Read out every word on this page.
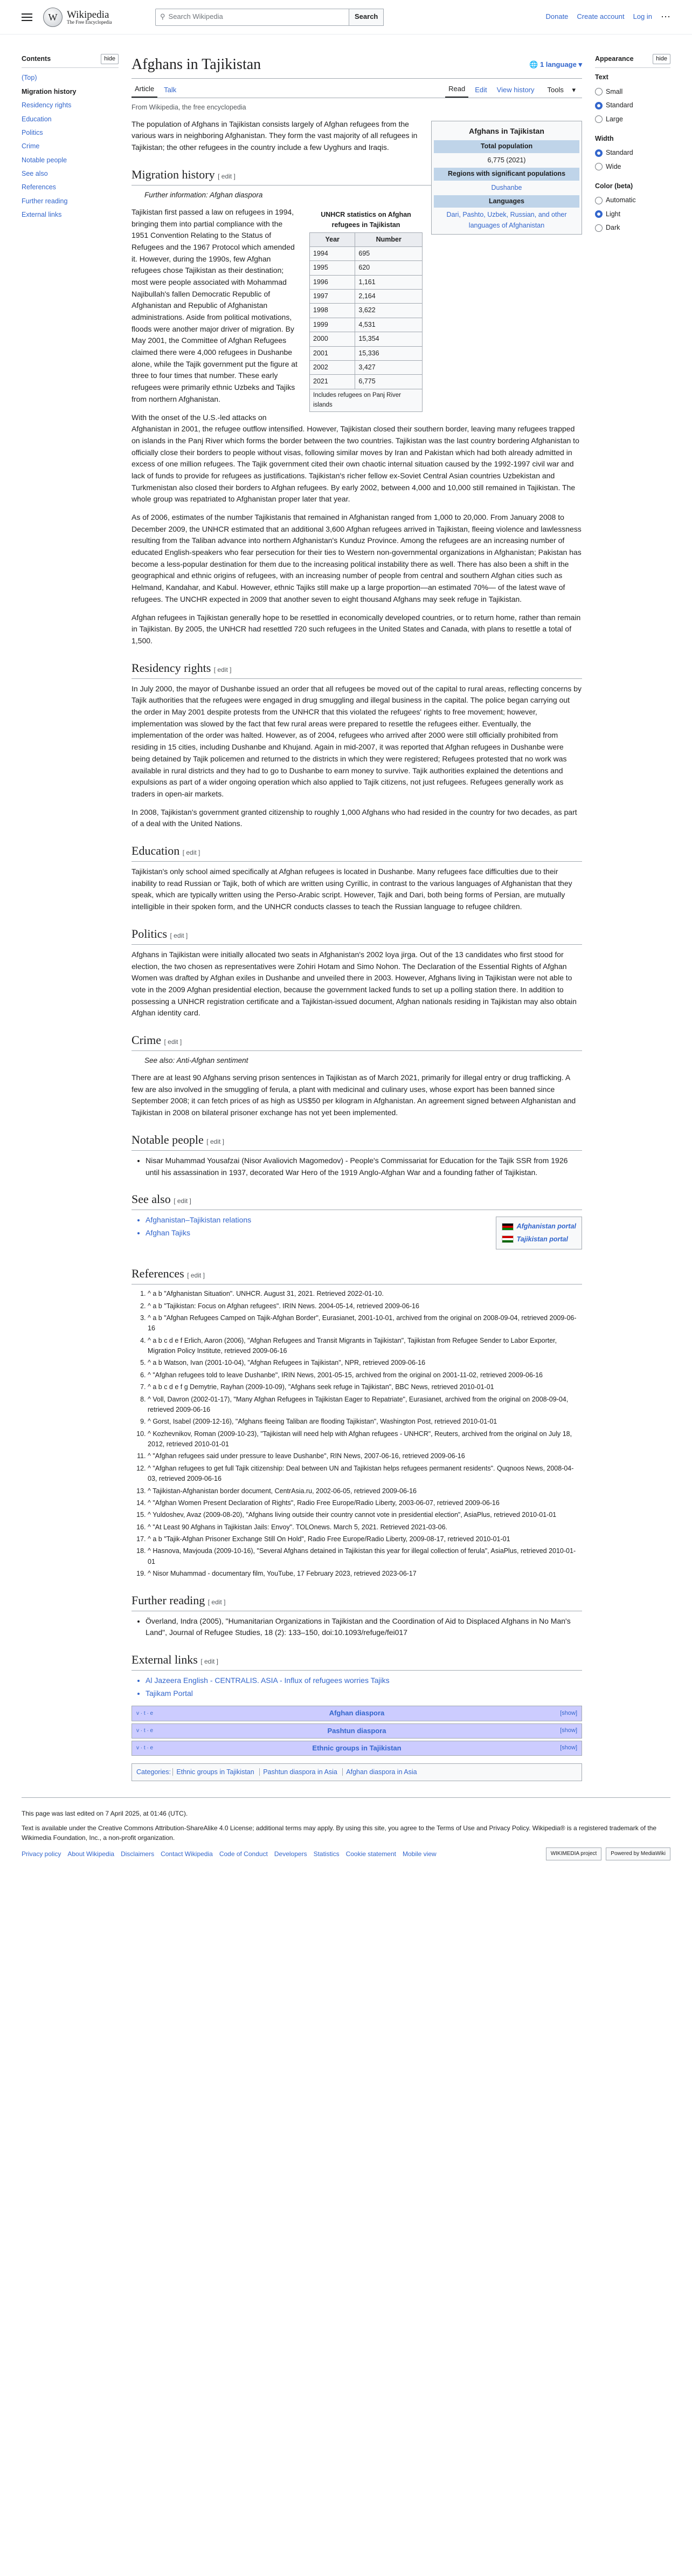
W Wikipedia
The Free Encyclopedia
⚲ Search Wikipedia	Search	Donate Create account Log in ⋯
Contents	hide
(Top)
Migration history
Residency rights
Education
Politics
Crime
Notable people
See also
References
Further reading
External links
Afghans in Tajikistan	🌐 1 language ▾
Article	Talk	Read	Edit	View history	Tools ▾
From Wikipedia, the free encyclopedia
Afghans in Tajikistan
Total population
6,775 (2021)
Regions with significant populations
Dushanbe
Languages
Dari, Pashto, Uzbek, Russian, and other languages of Afghanistan

The population of Afghans in Tajikistan consists largely of Afghan refugees from the various wars in neighboring Afghanistan. They form the vast majority of all refugees in Tajikistan; the other refugees in the country include a few Uyghurs and Iraqis.

Migration history [ edit ]
Further information: Afghan diaspora
UNHCR statistics on Afghan refugees in Tajikistan
Year	Number
1994	695
1995	620
1996	1,161
1997	2,164
1998	3,622
1999	4,531
2000	15,354
2001	15,336
2002	3,427
2021	6,775
Includes refugees on Panj River islands

Tajikistan first passed a law on refugees in 1994, bringing them into partial compliance with the 1951 Convention Relating to the Status of Refugees and the 1967 Protocol which amended it. However, during the 1990s, few Afghan refugees chose Tajikistan as their destination; most were people associated with Mohammad Najibullah's fallen Democratic Republic of Afghanistan and Republic of Afghanistan administrations. Aside from political motivations, floods were another major driver of migration. By May 2001, the Committee of Afghan Refugees claimed there were 4,000 refugees in Dushanbe alone, while the Tajik government put the figure at three to four times that number. These early refugees were primarily ethnic Uzbeks and Tajiks from northern Afghanistan.

With the onset of the U.S.-led attacks on Afghanistan in 2001, the refugee outflow intensified. However, Tajikistan closed their southern border, leaving many refugees trapped on islands in the Panj River which forms the border between the two countries. Tajikistan was the last country bordering Afghanistan to officially close their borders to people without visas, following similar moves by Iran and Pakistan which had both already admitted in excess of one million refugees. The Tajik government cited their own chaotic internal situation caused by the 1992-1997 civil war and lack of funds to provide for refugees as justifications. Tajikistan's richer fellow ex-Soviet Central Asian countries Uzbekistan and Turkmenistan also closed their borders to Afghan refugees. By early 2002, between 4,000 and 10,000 still remained in Tajikistan. The whole group was repatriated to Afghanistan proper later that year.

As of 2006, estimates of the number Tajikistanis that remained in Afghanistan ranged from 1,000 to 20,000. From January 2008 to December 2009, the UNHCR estimated that an additional 3,600 Afghan refugees arrived in Tajikistan, fleeing violence and lawlessness resulting from the Taliban advance into northern Afghanistan's Kunduz Province. Among the refugees are an increasing number of educated English-speakers who fear persecution for their ties to Western non-governmental organizations in Afghanistan; Pakistan has become a less-popular destination for them due to the increasing political instability there as well. There has also been a shift in the geographical and ethnic origins of refugees, with an increasing number of people from central and southern Afghan cities such as Helmand, Kandahar, and Kabul. However, ethnic Tajiks still make up a large proportion—an estimated 70%— of the latest wave of refugees. The UNCHR expected in 2009 that another seven to eight thousand Afghans may seek refuge in Tajikistan.

Afghan refugees in Tajikistan generally hope to be resettled in economically developed countries, or to return home, rather than remain in Tajikistan. By 2005, the UNHCR had resettled 720 such refugees in the United States and Canada, with plans to resettle a total of 1,500.

Residency rights [ edit ]

In July 2000, the mayor of Dushanbe issued an order that all refugees be moved out of the capital to rural areas, reflecting concerns by Tajik authorities that the refugees were engaged in drug smuggling and illegal business in the capital. The police began carrying out the order in May 2001 despite protests from the UNHCR that this violated the refugees' rights to free movement; however, implementation was slowed by the fact that few rural areas were prepared to resettle the refugees either. Eventually, the implementation of the order was halted. However, as of 2004, refugees who arrived after 2000 were still officially prohibited from residing in 15 cities, including Dushanbe and Khujand. Again in mid-2007, it was reported that Afghan refugees in Dushanbe were being detained by Tajik policemen and returned to the districts in which they were registered; Refugees protested that no work was available in rural districts and they had to go to Dushanbe to earn money to survive. Tajik authorities explained the detentions and expulsions as part of a wider ongoing operation which also applied to Tajik citizens, not just refugees. Refugees generally work as traders in open-air markets.

In 2008, Tajikistan's government granted citizenship to roughly 1,000 Afghans who had resided in the country for two decades, as part of a deal with the United Nations.

Education [ edit ]

Tajikistan's only school aimed specifically at Afghan refugees is located in Dushanbe. Many refugees face difficulties due to their inability to read Russian or Tajik, both of which are written using Cyrillic, in contrast to the various languages of Afghanistan that they speak, which are typically written using the Perso-Arabic script. However, Tajik and Dari, both being forms of Persian, are mutually intelligible in their spoken form, and the UNHCR conducts classes to teach the Russian language to refugee children.

Politics [ edit ]

Afghans in Tajikistan were initially allocated two seats in Afghanistan's 2002 loya jirga. Out of the 13 candidates who first stood for election, the two chosen as representatives were Zohiri Hotam and Simo Nohon. The Declaration of the Essential Rights of Afghan Women was drafted by Afghan exiles in Dushanbe and unveiled there in 2003. However, Afghans living in Tajikistan were not able to vote in the 2009 Afghan presidential election, because the government lacked funds to set up a polling station there. In addition to possessing a UNHCR registration certificate and a Tajikistan-issued document, Afghan nationals residing in Tajikistan may also obtain Afghan identity card.

Crime [ edit ]
See also: Anti-Afghan sentiment

There are at least 90 Afghans serving prison sentences in Tajikistan as of March 2021, primarily for illegal entry or drug trafficking. A few are also involved in the smuggling of ferula, a plant with medicinal and culinary uses, whose export has been banned since September 2008; it can fetch prices of as high as US$50 per kilogram in Afghanistan. An agreement signed between Afghanistan and Tajikistan in 2008 on bilateral prisoner exchange has not yet been implemented.

Notable people [ edit ]
• Nisar Muhammad Yousafzai (Nisor Avaliovich Magomedov) - People's Commissariat for Education for the Tajik SSR from 1926 until his assassination in 1937, decorated War Hero of the 1919 Anglo-Afghan War and a founding father of Tajikistan.
See also [ edit ]
Afghanistan portal
Tajikistan portal
• Afghanistan–Tajikistan relations
• Afghan Tajiks
References [ edit ]
1. ^ a b "Afghanistan Situation". UNHCR. August 31, 2021. Retrieved 2022-01-10.
2. ^ a b "Tajikistan: Focus on Afghan refugees". IRIN News. 2004-05-14, retrieved 2009-06-16
3. ^ a b "Afghan Refugees Camped on Tajik-Afghan Border", Eurasianet, 2001-10-01, archived from the original on 2008-09-04, retrieved 2009-06-16
4. ^ a b c d e f Erlich, Aaron (2006), "Afghan Refugees and Transit Migrants in Tajikistan", Tajikistan from Refugee Sender to Labor Exporter, Migration Policy Institute, retrieved 2009-06-16
5. ^ a b Watson, Ivan (2001-10-04), "Afghan Refugees in Tajikistan", NPR, retrieved 2009-06-16
6. ^ "Afghan refugees told to leave Dushanbe", IRIN News, 2001-05-15, archived from the original on 2001-11-02, retrieved 2009-06-16
7. ^ a b c d e f g Demytrie, Rayhan (2009-10-09), "Afghans seek refuge in Tajikistan", BBC News, retrieved 2010-01-01
8. ^ Voll, Davron (2002-01-17), "Many Afghan Refugees in Tajikistan Eager to Repatriate", Eurasianet, archived from the original on 2008-09-04, retrieved 2009-06-16
9. ^ Gorst, Isabel (2009-12-16), "Afghans fleeing Taliban are flooding Tajikistan", Washington Post, retrieved 2010-01-01
10. ^ Kozhevnikov, Roman (2009-10-23), "Tajikistan will need help with Afghan refugees - UNHCR", Reuters, archived from the original on July 18, 2012, retrieved 2010-01-01
11. ^ "Afghan refugees said under pressure to leave Dushanbe", RIN News, 2007-06-16, retrieved 2009-06-16
12. ^ "Afghan refugees to get full Tajik citizenship: Deal between UN and Tajikistan helps refugees permanent residents". Quqnoos News, 2008-04-03, retrieved 2009-06-16
13. ^ Tajikistan-Afghanistan border document, CentrAsia.ru, 2002-06-05, retrieved 2009-06-16
14. ^ "Afghan Women Present Declaration of Rights", Radio Free Europe/Radio Liberty, 2003-06-07, retrieved 2009-06-16
15. ^ Yuldoshev, Avaz (2009-08-20), "Afghans living outside their country cannot vote in presidential election", AsiaPlus, retrieved 2010-01-01
16. ^ "At Least 90 Afghans in Tajikistan Jails: Envoy". TOLOnews. March 5, 2021. Retrieved 2021-03-06.
17. ^ a b "Tajik-Afghan Prisoner Exchange Still On Hold", Radio Free Europe/Radio Liberty, 2009-08-17, retrieved 2010-01-01
18. ^ Hasnova, Mavjouda (2009-10-16), "Several Afghans detained in Tajikistan this year for illegal collection of ferula", AsiaPlus, retrieved 2010-01-01
19. ^ Nisor Muhammad - documentary film, YouTube, 17 February 2023, retrieved 2023-06-17
Further reading [ edit ]
• Överland, Indra (2005), "Humanitarian Organizations in Tajikistan and the Coordination of Aid to Displaced Afghans in No Man's Land", Journal of Refugee Studies, 18 (2): 133–150, doi:10.1093/refuge/fei017
External links [ edit ]
• Al Jazeera English - CENTRALIS. ASIA - Influx of refugees worries Tajiks
• Tajikam Portal
v · t · e	Afghan diaspora	[show]
v · t · e	Pashtun diaspora	[show]
v · t · e	Ethnic groups in Tajikistan	[show]
Categories: Ethnic groups in Tajikistan Pashtun diaspora in Asia Afghan diaspora in Asia
Appearance	hide
Text
Small
Standard
Large
Width
Standard
Wide
Color (beta)
Automatic
Light
Dark

This page was last edited on 7 April 2025, at 01:46 (UTC).

Text is available under the Creative Commons Attribution-ShareAlike 4.0 License; additional terms may apply. By using this site, you agree to the Terms of Use and Privacy Policy. Wikipedia® is a registered trademark of the Wikimedia Foundation, Inc., a non-profit organization.

Privacy policy About Wikipedia Disclaimers Contact Wikipedia Code of Conduct Developers Statistics Cookie statement Mobile view	WIKIMEDIA project	Powered by MediaWiki
